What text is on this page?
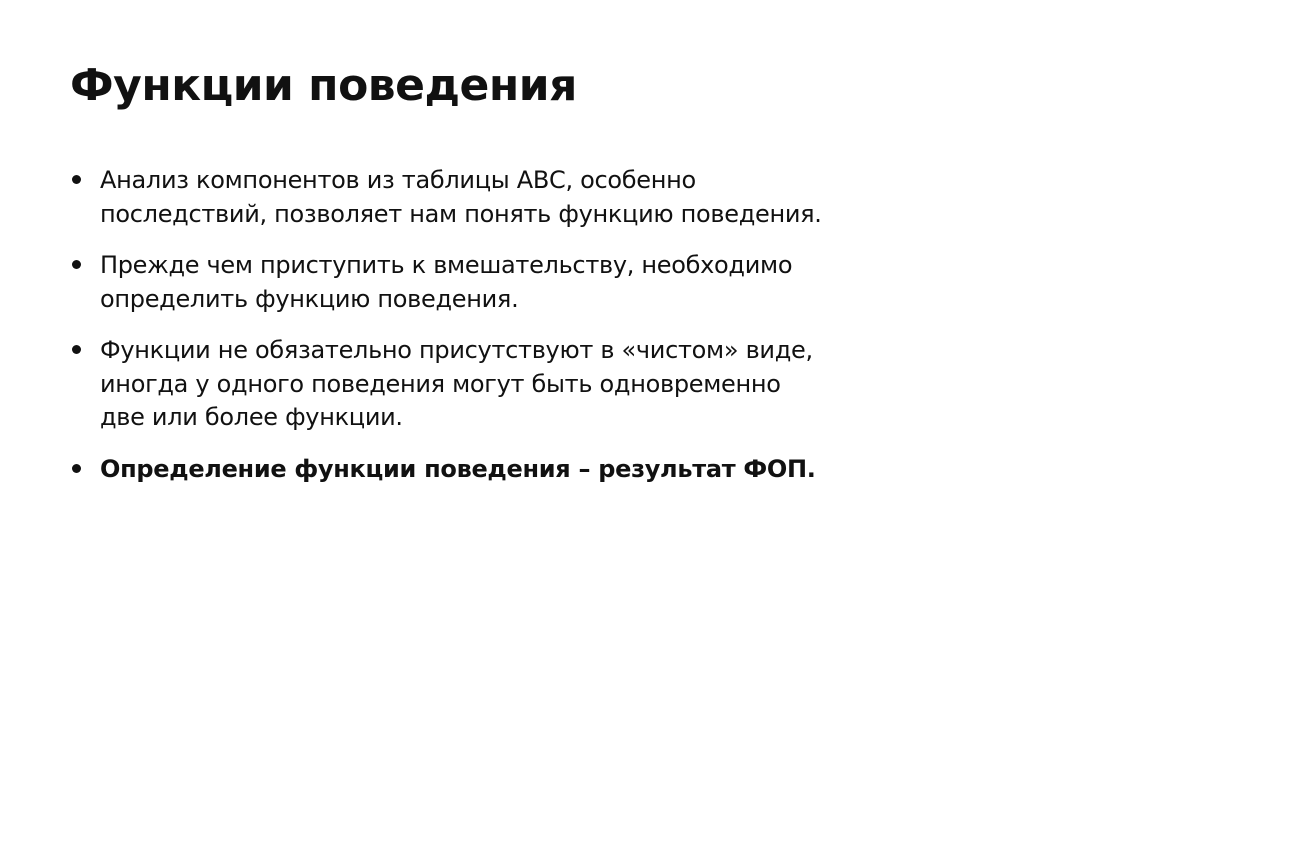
Функции поведения
Анализ компонентов из таблицы АВС, особенно последствий, позволяет нам понять функцию поведения.
Прежде чем приступить к вмешательству, необходимо определить функцию поведения.
Функции не обязательно присутствуют в «чистом» виде, иногда у одного поведения могут быть одновременно две или более функции.
Определение функции поведения – результат ФОП.
